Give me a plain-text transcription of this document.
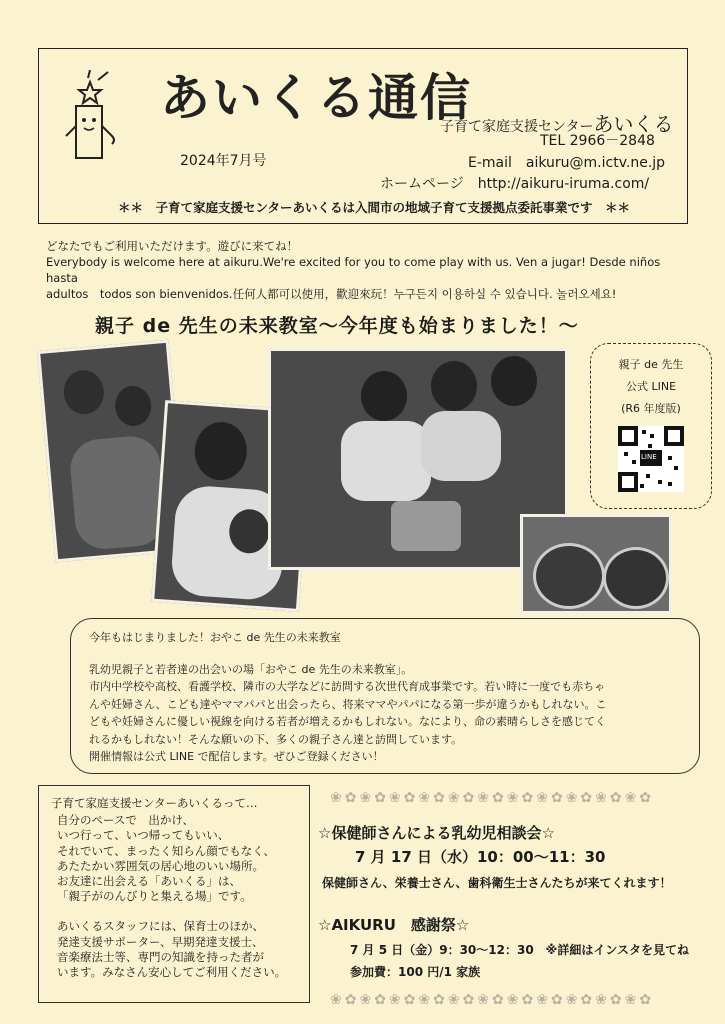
あいくる通信
2024年7月号
子育て家庭支援センターあいくる
TEL 2966－2848
E-mail　aikuru@m.ictv.ne.jp
ホームページ　http://aikuru-iruma.com/
＊＊　子育て家庭支援センターあいくるは入間市の地域子育て支援拠点委託事業です　＊＊
どなたでもご利用いただけます。遊びに来てね！
Everybody is welcome here at aikuru.We're excited for you to come play with us. Ven a jugar! Desde niños hasta
adultos　todos son bienvenidos.任何人都可以使用，歡迎來玩！누구든지 이용하실 수 있습니다. 놀러오세요!
親子 de 先生の未来教室～今年度も始まりました！～
親子 de 先生
公式 LINE
(R6 年度版)
LINE

今年もはじまりました！おやこ de 先生の未来教室

乳幼児親子と若者達の出会いの場「おやこ de 先生の未来教室」。

市内中学校や高校、看護学校、隣市の大学などに訪問する次世代育成事業です。若い時に一度でも赤ちゃ

んや妊婦さん、こども達やママパパと出会ったら、将来ママやパパになる第一歩が違うかもしれない。こ

どもや妊婦さんに優しい視線を向ける若者が増えるかもしれない。なにより、命の素晴らしさを感じてく

れるかもしれない！そんな願いの下、多くの親子さん達と訪問しています。

開催情報は公式 LINE で配信します。ぜひご登録ください！

子育て家庭支援センターあいくるって…

自分のペースで　出かけ、

いつ行って、いつ帰ってもいい、

それでいて、まったく知らん顔でもなく、

あたたかい雰囲気の居心地のいい場所。

お友達に出会える「あいくる」は、

「親子がのんびりと集える場」です。

あいくるスタッフには、保育士のほか、

発達支援サポーター、早期発達支援士、

音楽療法士等、専門の知識を持った者が

います。みなさん安心してご利用ください。

❀✿❀✿❀✿❀✿❀✿❀✿❀✿❀✿❀✿❀✿❀✿
❀✿❀✿❀✿❀✿❀✿❀✿❀✿❀✿❀✿❀✿❀✿
☆保健師さんによる乳幼児相談会☆
7 月 17 日（水）10：00～11：30
保健師さん、栄養士さん、歯科衛生士さんたちが来てくれます！
☆AIKURU　感謝祭☆
7 月 5 日（金）9：30～12：30　※詳細はインスタを見てね
参加費：100 円/1 家族
